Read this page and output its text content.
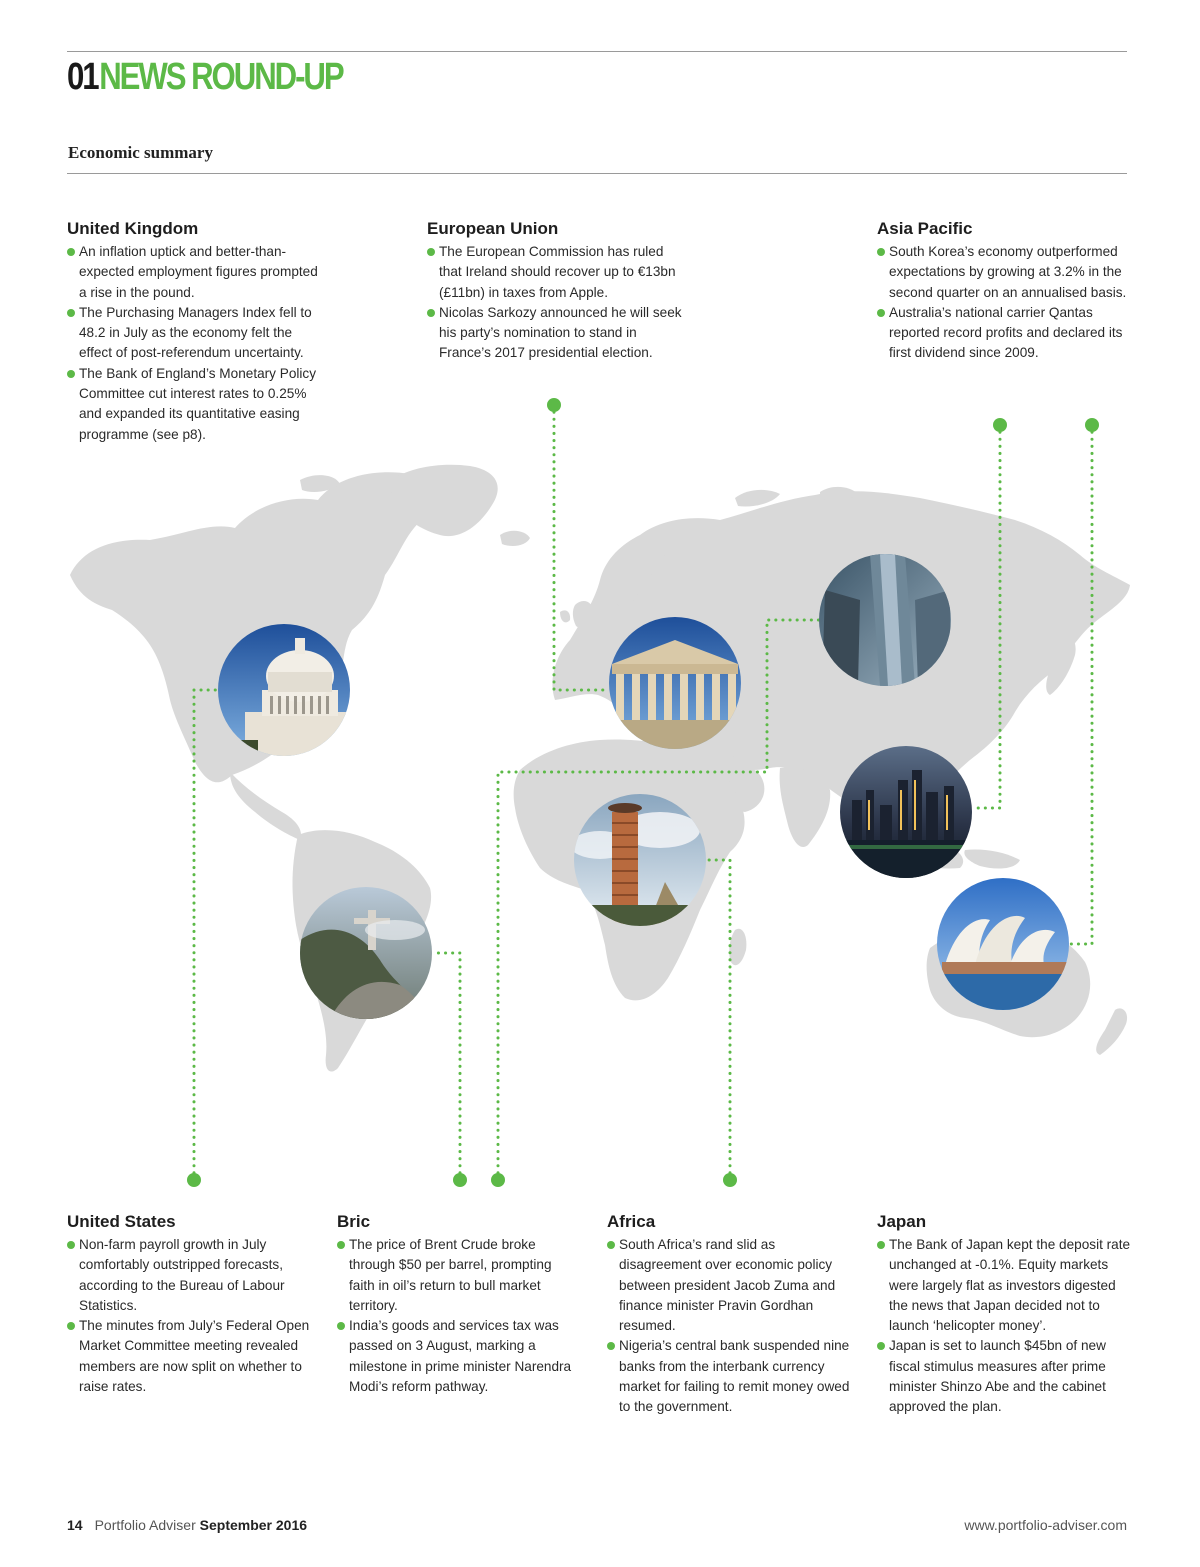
01NEWS ROUND-UP

Economic summary

United Kingdom
An inflation uptick and better-than-expected employment figures prompted a rise in the pound.
The Purchasing Managers Index fell to 48.2 in July as the economy felt the effect of post-referendum uncertainty.
The Bank of England’s Monetary Policy Committee cut interest rates to 0.25% and expanded its quantitative easing programme (see p8).
European Union
The European Commission has ruled that Ireland should recover up to €13bn (£11bn) in taxes from Apple.
Nicolas Sarkozy announced he will seek his party’s nomination to stand in France’s 2017 presidential election.
Asia Pacific
South Korea’s economy outperformed expectations by growing at 3.2% in the second quarter on an annualised basis.
Australia’s national carrier Qantas reported record profits and declared its first dividend since 2009.
United States
Non-farm payroll growth in July comfortably outstripped forecasts, according to the Bureau of Labour Statistics.
The minutes from July’s Federal Open Market Committee meeting revealed members are now split on whether to raise rates.
Bric
The price of Brent Crude broke through $50 per barrel, prompting faith in oil’s return to bull market territory.
India’s goods and services tax was passed on 3 August, marking a milestone in prime minister Narendra Modi’s reform pathway.
Africa
South Africa’s rand slid as disagreement over economic policy between president Jacob Zuma and finance minister Pravin Gordhan resumed.
Nigeria’s central bank suspended nine banks from the interbank currency market for failing to remit money owed to the government.
Japan
The Bank of Japan kept the deposit rate unchanged at -0.1%. Equity markets were largely flat as investors digested the news that Japan decided not to launch ‘helicopter money’.
Japan is set to launch $45bn of new fiscal stimulus measures after prime minister Shinzo Abe and the cabinet approved the plan.
14 Portfolio Adviser September 2016	www.portfolio-adviser.com
